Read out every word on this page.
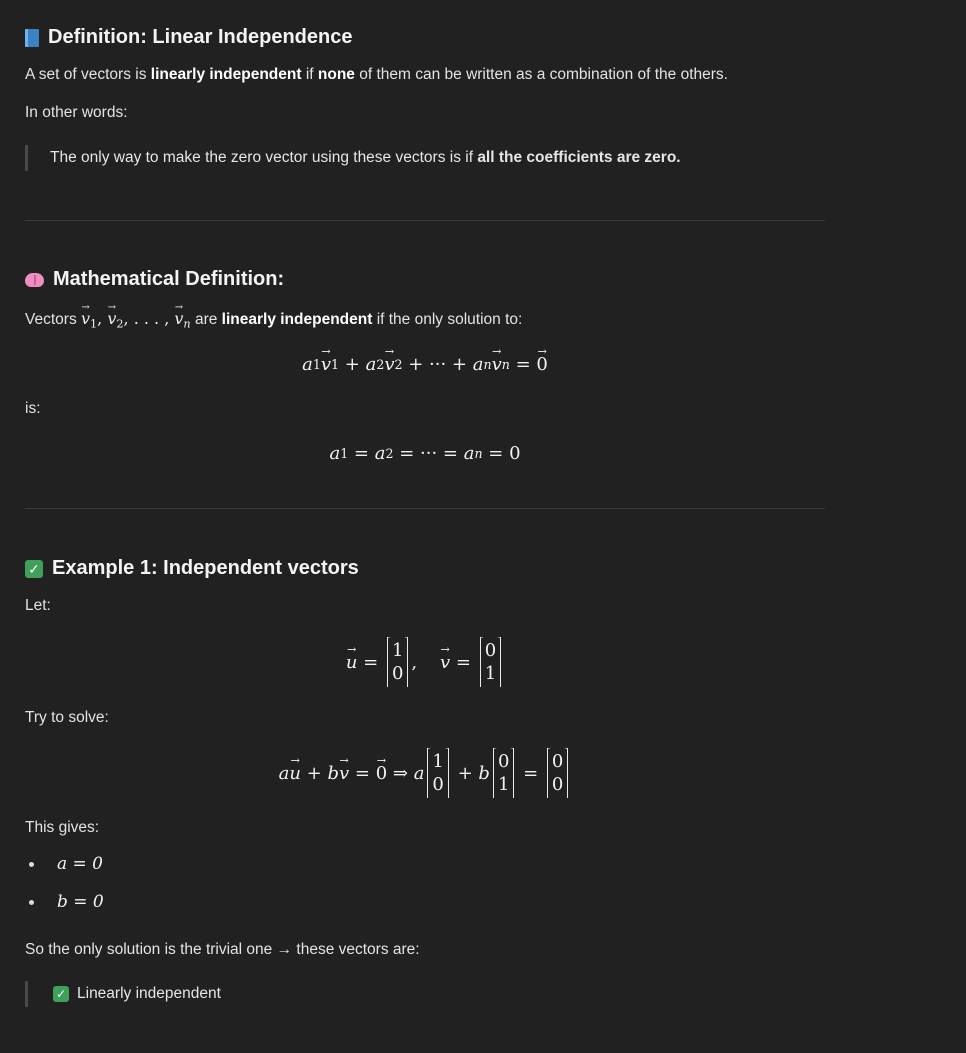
Definition: Linear Independence
A set of vectors is linearly independent if none of them can be written as a combination of the others.
In other words:
The only way to make the zero vector using these vectors is if all the coefficients are zero.
Mathematical Definition:
Vectors → $v_1$, → $v_2$, . . . , → $v_n$ are linearly independent if the only solution to:
a 1 → v 1 + a 2 → v 2 + ··· + a n → v n = → 0
is:
a 1 = a 2 = ··· = a n = 0
✓ Example 1: Independent vectors
Let:
→ u =
1
0
, → v =
0
1
Try to solve:
a → u + b → v = → 0 ⇒ a
1
0
+ b
0
1
=
0
0
This gives:
a = 0
b = 0
So the only solution is the trivial one → these vectors are:
✓ Linearly independent
